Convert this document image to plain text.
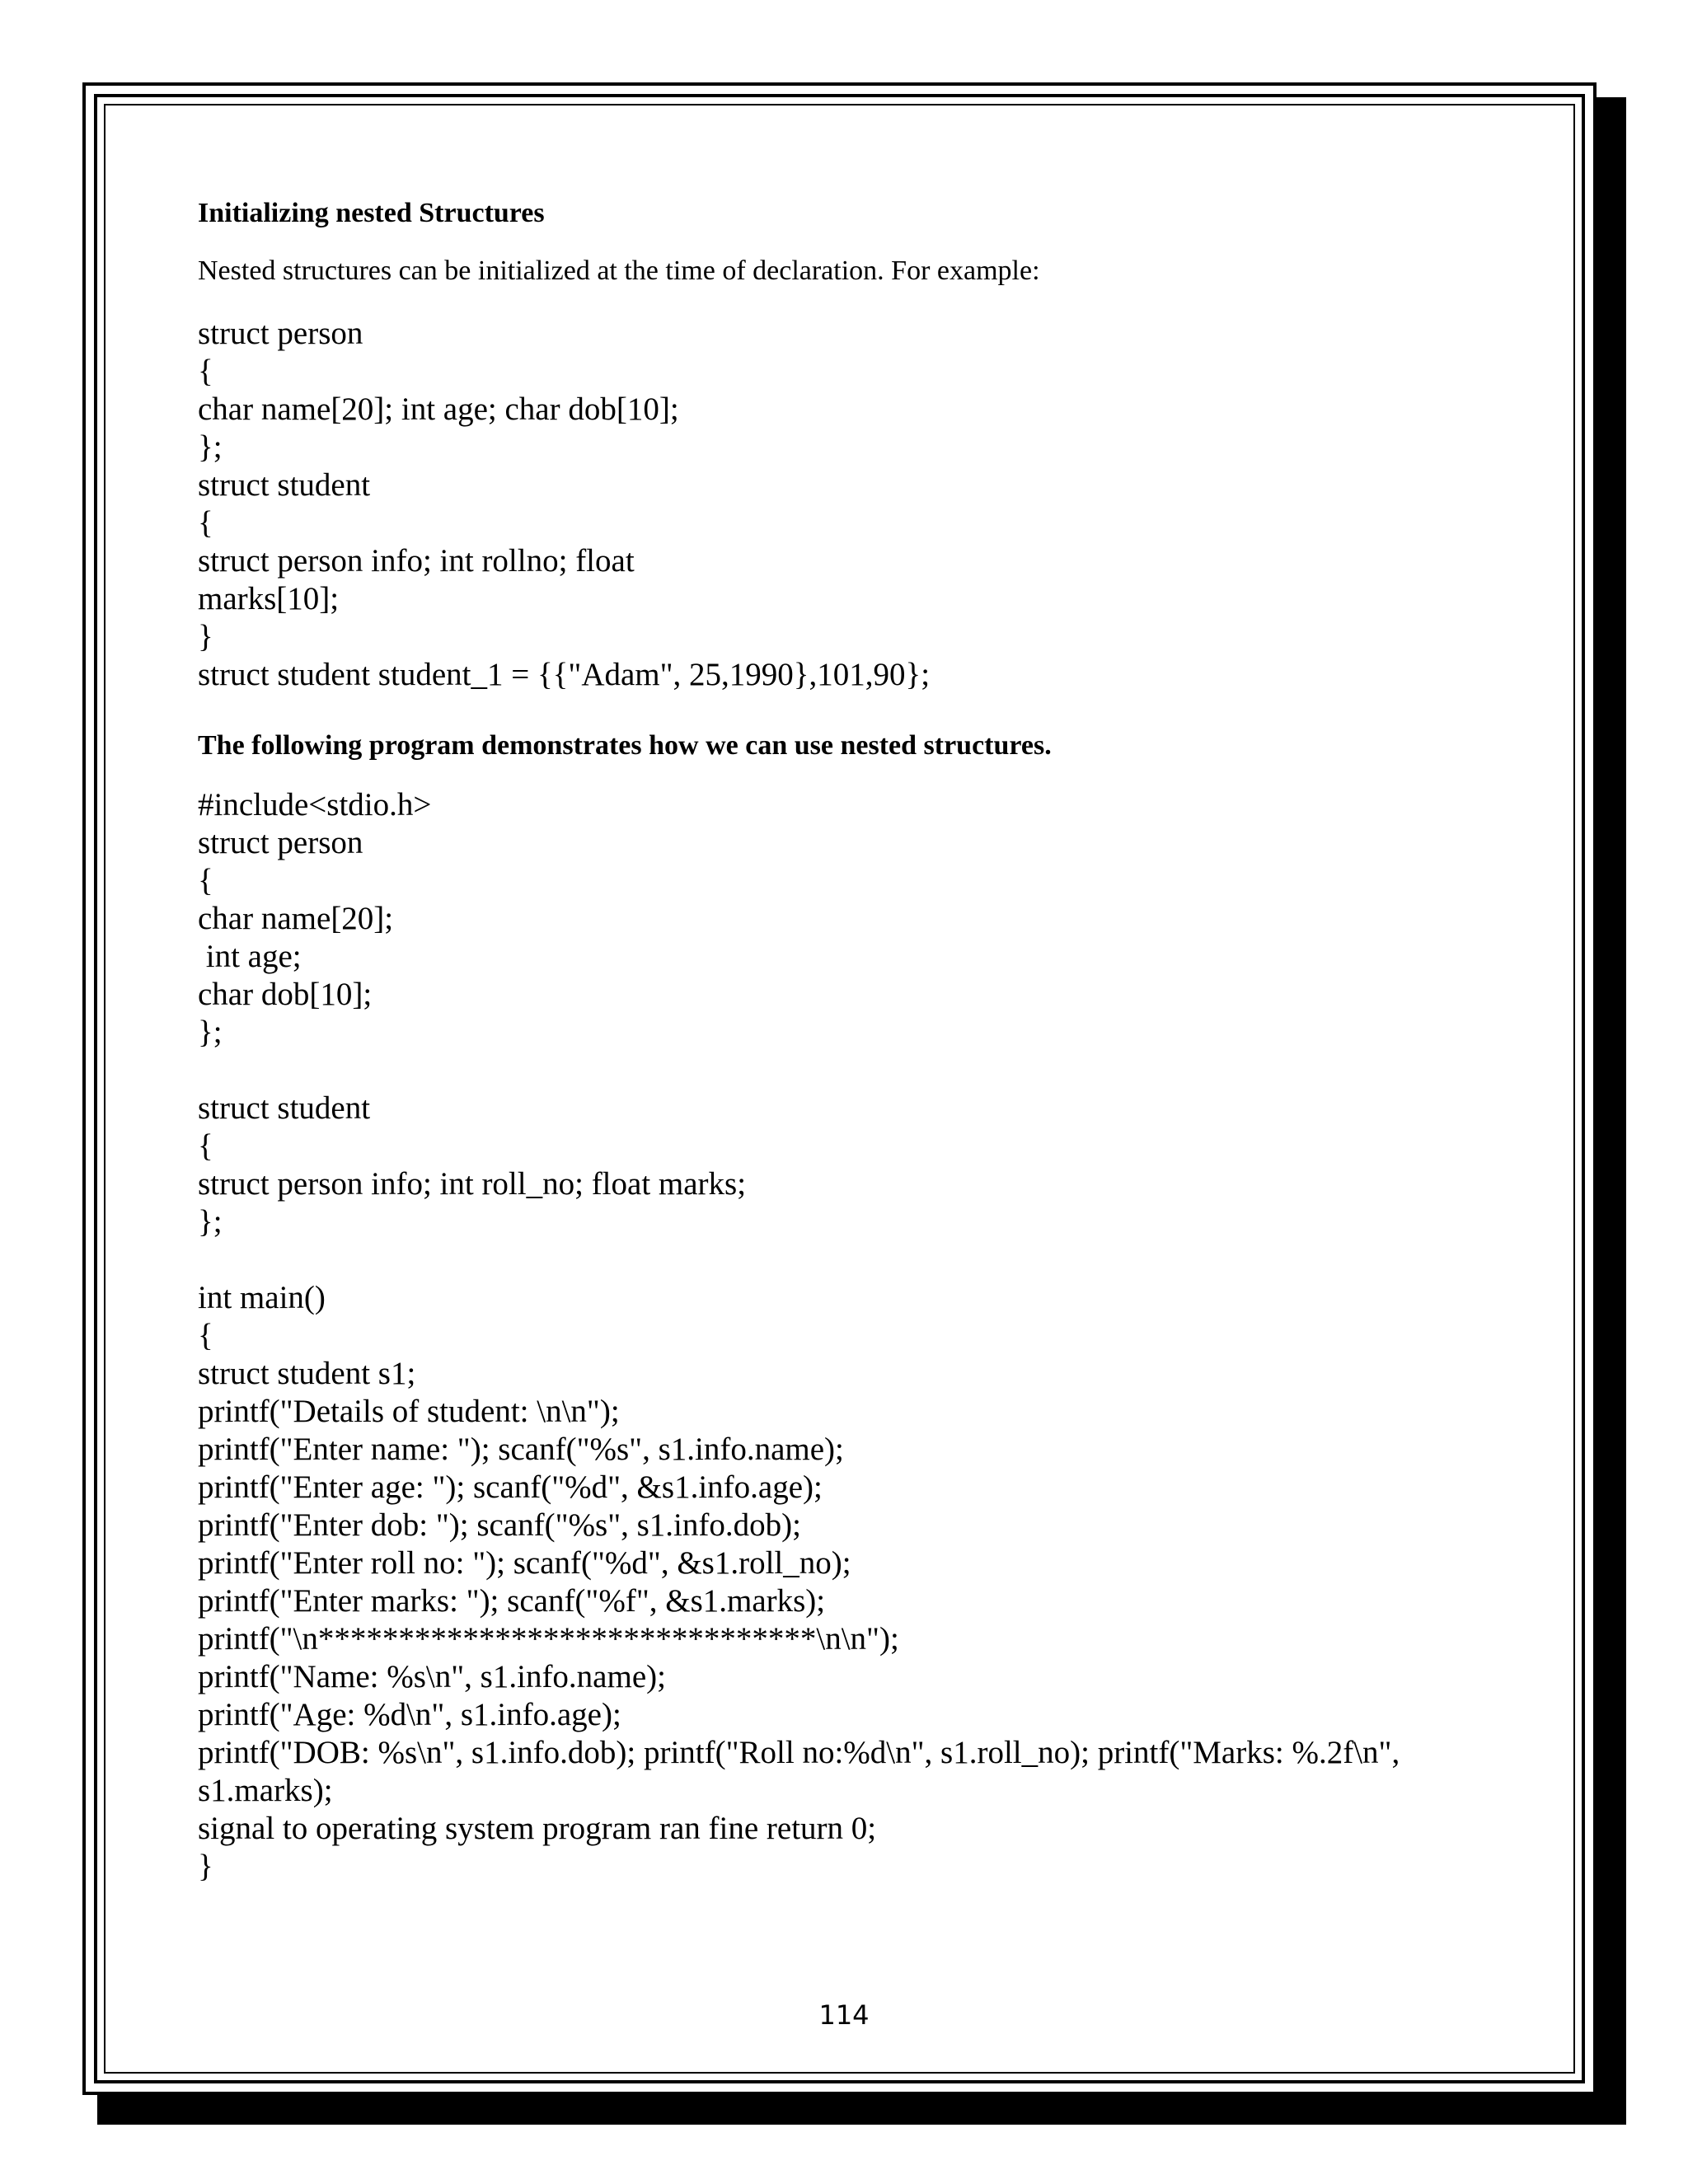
Initializing nested Structures

Nested structures can be initialized at the time of declaration. For example:

struct person
{
char name[20]; int age; char dob[10];
};
struct student
{
struct person info; int rollno; float
marks[10];
}
struct student student_1 = {{"Adam", 25,1990},101,90};

The following program demonstrates how we can use nested structures.

#include<stdio.h>
struct person
{
char name[20];
int age;
char dob[10];
};

struct student
{
struct person info; int roll_no; float marks;
};

int main()
{
struct student s1;
printf("Details of student: \n\n");
printf("Enter name: "); scanf("%s", s1.info.name);
printf("Enter age: "); scanf("%d", &s1.info.age);
printf("Enter dob: "); scanf("%s", s1.info.dob);
printf("Enter roll no: "); scanf("%d", &s1.roll_no);
printf("Enter marks: "); scanf("%f", &s1.marks);
printf("\n*******************************\n\n");
printf("Name: %s\n", s1.info.name);
printf("Age: %d\n", s1.info.age);
printf("DOB: %s\n", s1.info.dob); printf("Roll no:%d\n", s1.roll_no); printf("Marks: %.2f\n",
s1.marks);
signal to operating system program ran fine return 0;
}
114
